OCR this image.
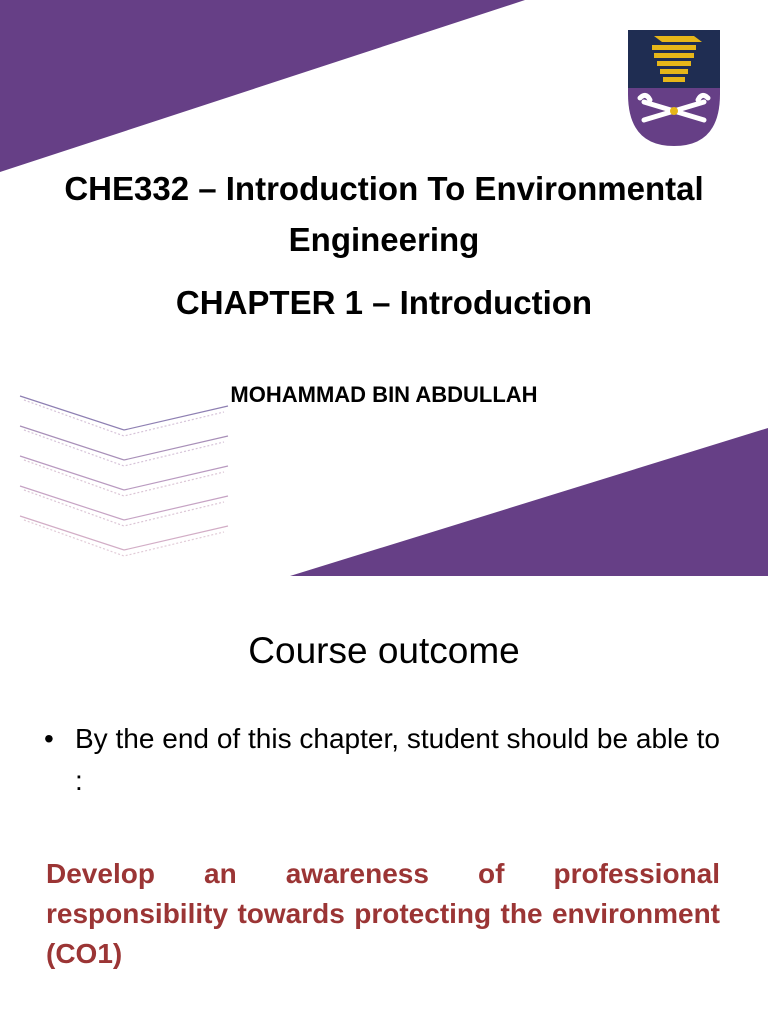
CHE332 – Introduction To Environmental
Engineering
CHAPTER 1 – Introduction
MOHAMMAD BIN ABDULLAH
Course outcome
• By the end of this chapter, student should be able to :
Develop an awareness of professional responsibility towards protecting the environment (CO1)
